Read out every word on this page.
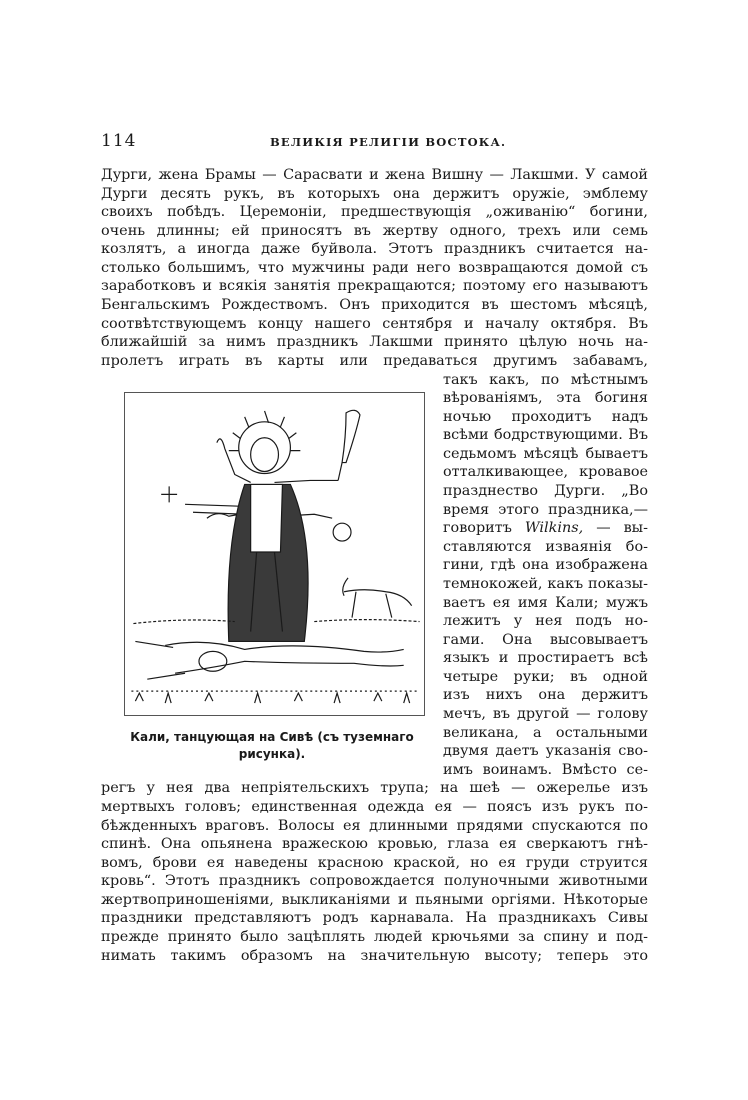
114	ВЕЛИКІЯ РЕЛИГІИ ВОСТОКА.
Дурги, жена Брамы — Сарасвати и жена Вишну — Лакшми. У самой
Дурги десять рукъ, въ которыхъ она держитъ оружіе, эмблему
своихъ побѣдъ. Церемоніи, предшествующія „оживанію“ богини,
очень длинны; ей приносятъ въ жертву одного, трехъ или семь
козлятъ, а иногда даже буйвола. Этотъ праздникъ считается на-
столько большимъ, что мужчины ради него возвращаются домой съ
заработковъ и всякія занятія прекращаются; поэтому его называютъ
Бенгальскимъ Рождествомъ. Онъ приходится въ шестомъ мѣсяцѣ,
соотвѣтствующемъ концу нашего сентября и началу октября. Въ
ближайшій за нимъ праздникъ Лакшми принято цѣлую ночь на-
пролетъ играть въ карты или предаваться другимъ забавамъ,
Кали, танцующая на Сивѣ (съ туземнаго
рисунка).
такъ какъ, по мѣстнымъ
вѣрованіямъ, эта богиня
ночью проходитъ надъ
всѣми бодрствующими. Въ
седьмомъ мѣсяцѣ бываетъ
отталкивающее, кровавое
празднество Дурги. „Во
время этого праздника,—
говоритъ Wilkins, — вы-
ставляются изваянія бо-
гини, гдѣ она изображена
темнокожей, какъ показы-
ваетъ ея имя Кали; мужъ
лежитъ у нея подъ но-
гами. Она высовываетъ
языкъ и простираетъ всѣ
четыре руки; въ одной
изъ нихъ она держитъ
мечъ, въ другой — голову
великана, а остальными
двумя даетъ указанія сво-
имъ воинамъ. Вмѣсто се-
регъ у нея два непріятельскихъ трупа; на шеѣ — ожерелье изъ
мертвыхъ головъ; единственная одежда ея — поясъ изъ рукъ по-
бѣжденныхъ враговъ. Волосы ея длинными прядями спускаются по
спинѣ. Она опьянена вражескою кровью, глаза ея сверкаютъ гнѣ-
вомъ, брови ея наведены красною краской, но ея груди струится
кровь“. Этотъ праздникъ сопровождается полуночными животными
жертвоприношеніями, выкликаніями и пьяными оргіями. Нѣкоторые
праздники представляютъ родъ карнавала. На праздникахъ Сивы
прежде принято было зацѣплять людей крючьями за спину и под-
нимать такимъ образомъ на значительную высоту; теперь это
